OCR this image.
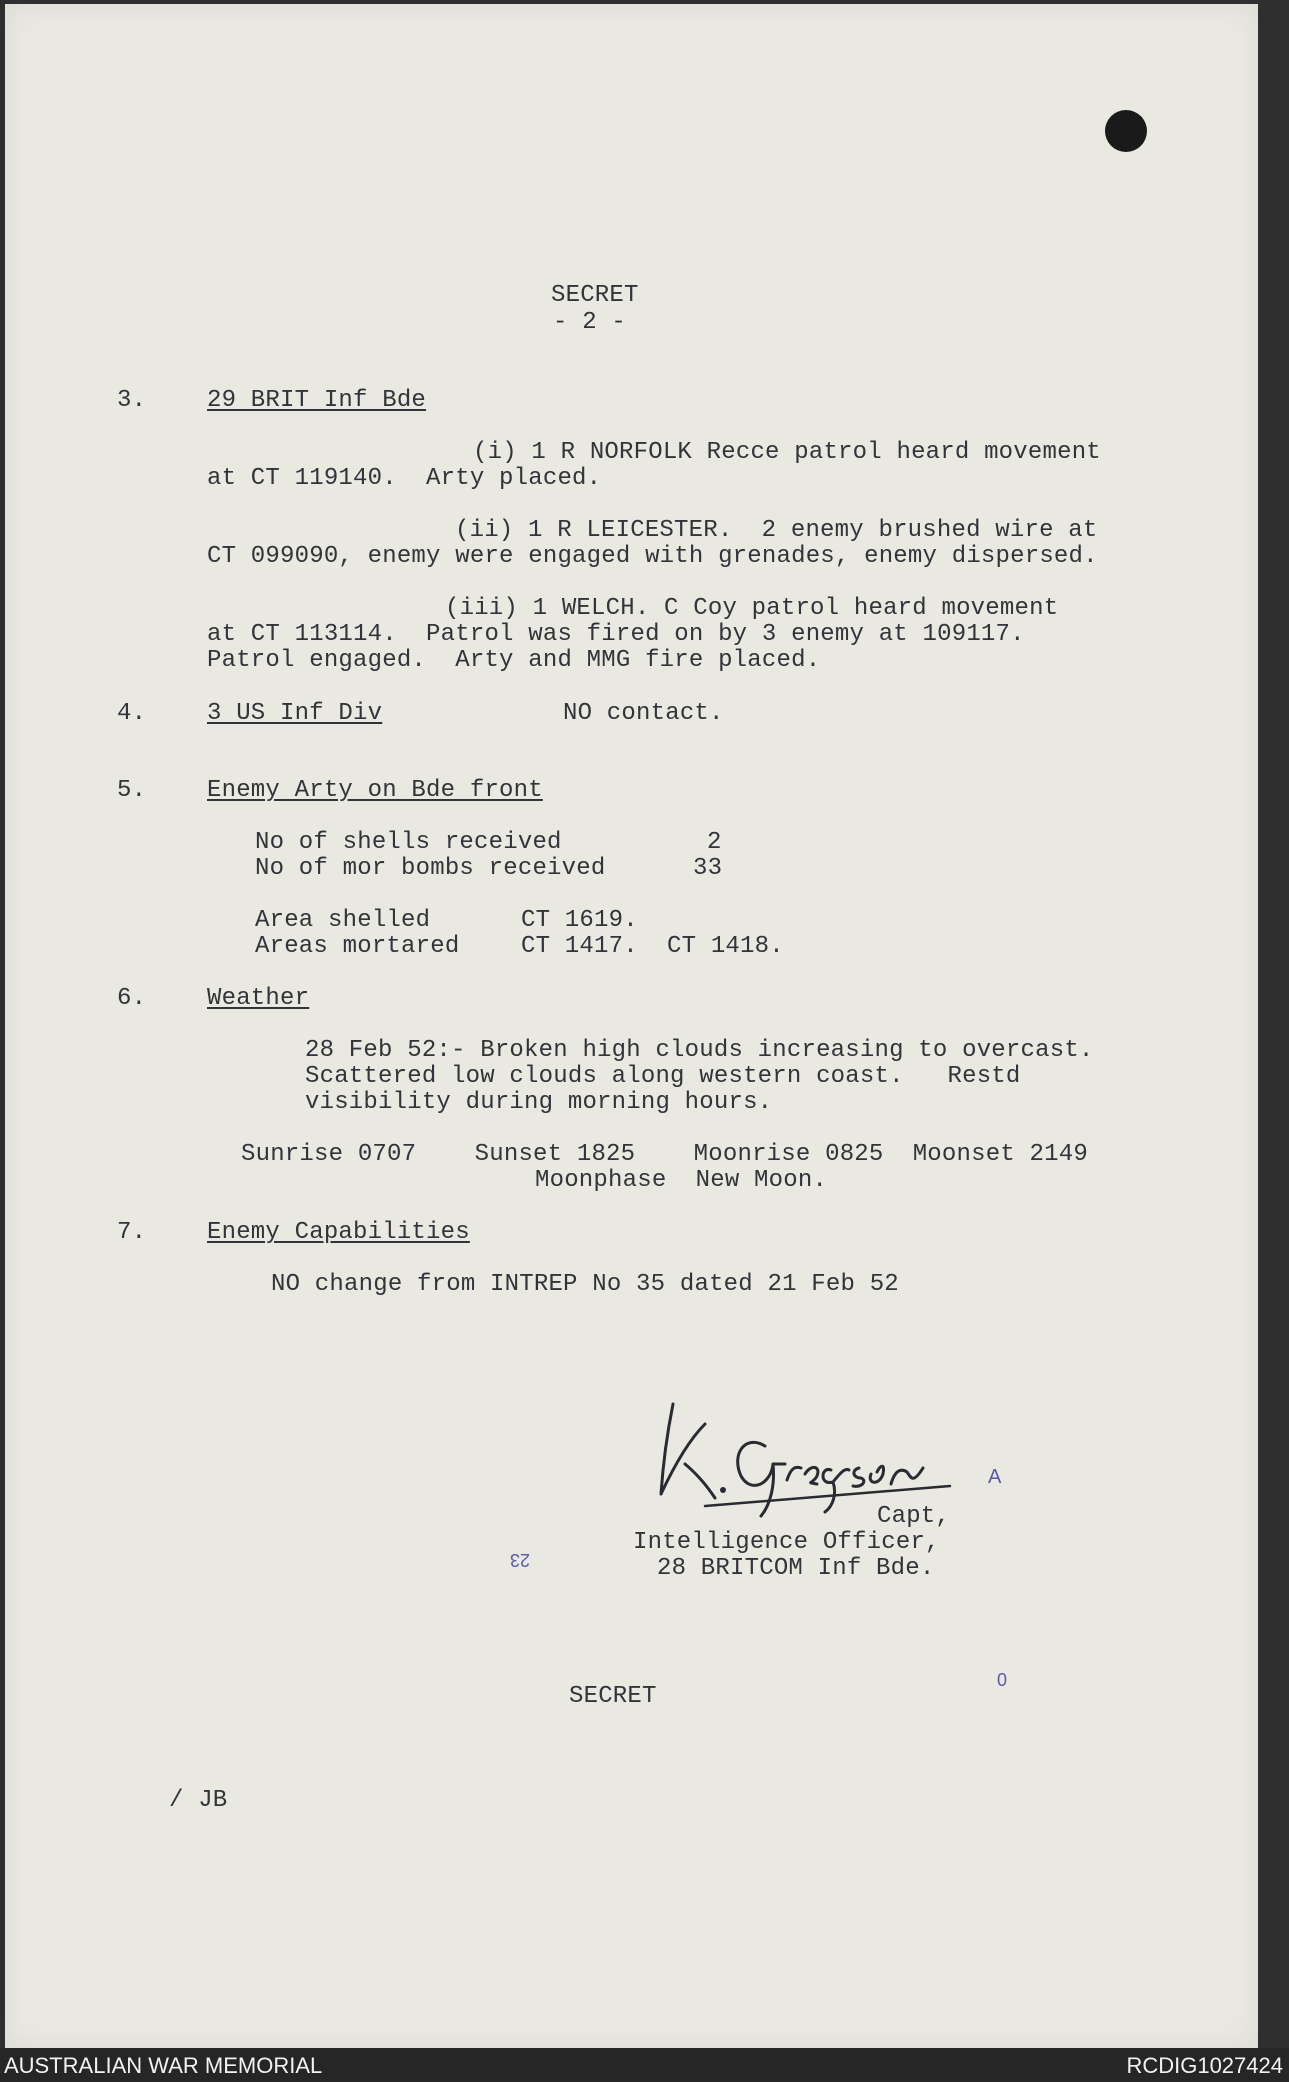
SECRET
- 2 -
3.	29 BRIT Inf Bde
(i) 1 R NORFOLK Recce patrol heard movement
at CT 119140.  Arty placed.
(ii) 1 R LEICESTER.  2 enemy brushed wire at
CT 099090, enemy were engaged with grenades, enemy dispersed.
(iii) 1 WELCH. C Coy patrol heard movement
at CT 113114.  Patrol was fired on by 3 enemy at 109117.
Patrol engaged.  Arty and MMG fire placed.
4.	3 US Inf Div	NO contact.
5.	Enemy Arty on Bde front
No of shells received	2
No of mor bombs received	33
Area shelled	CT 1619.
Areas mortared	CT 1417.  CT 1418.
6.	Weather
28 Feb 52:- Broken high clouds increasing to overcast.
Scattered low clouds along western coast.   Restd
visibility during morning hours.
Sunrise 0707    Sunset 1825    Moonrise 0825  Moonset 2149
Moonphase  New Moon.
7.	Enemy Capabilities
NO change from INTREP No 35 dated 21 Feb 52
Capt,
Intelligence Officer,
28 BRITCOM Inf Bde.
A
23
0
SECRET
/ JB
AUSTRALIAN WAR MEMORIAL	RCDIG1027424
